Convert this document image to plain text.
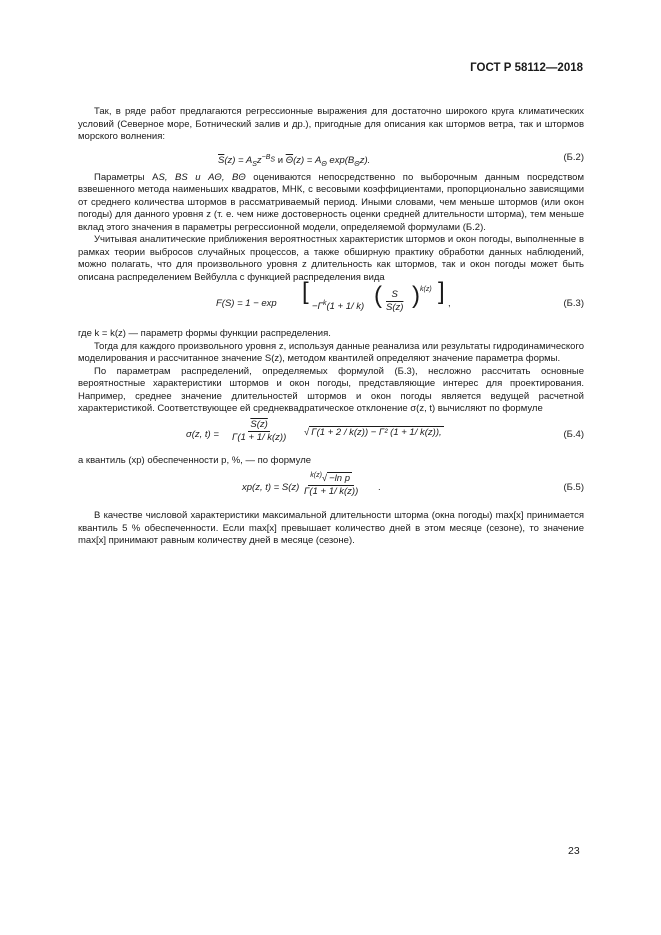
ГОСТ Р 58112—2018

Так, в ряде работ предлагаются регрессионные выражения для достаточно широкого круга климатических условий (Северное море, Ботнический залив и др.), пригодные для описания как штормов ветра, так и штормов морского волнения:

$\overline{S}(z) = A_Sz^{-B_S}$ и $\overline{\Theta}(z) = A_\Theta$ $\exp(B_\Theta z)$.	(Б.2)

Параметры AS, BS и AΘ, BΘ оцениваются непосредственно по выборочным данным посредством взвешенного метода наименьших квадратов, МНК, с весовыми коэффициентами, пропорционально зависящими от среднего количества штормов в рассматриваемый период. Иными словами, чем меньше штормов (или окон погоды) для данного уровня z (т. е. чем ниже достоверность оценки средней длительности шторма), тем меньше вклад этого значения в параметры регрессионной модели, определяемой формулами (Б.2).

Учитывая аналитические приближения вероятностных характеристик штормов и окон погоды, выполненные в рамках теории выбросов случайных процессов, а также обширную практику обработки данных наблюдений, можно полагать, что для произвольного уровня z длительность как штормов, так и окон погоды может быть описана распределением Вейбулла с функцией распределения вида

F(S) = 1 − exp [
$-\Gamma^k(1 + 1/$ k) ( $\frac{S}{S(z)}$ ) k(z) ] ,	(Б.3)

где k = k(z) — параметр формы функции распределения.

Тогда для каждого произвольного уровня z, используя данные реанализа или результаты гидродинамического моделирования и рассчитанное значение S(z), методом квантилей определяют значение параметра формы.

По параметрам распределений, определяемых формулой (Б.3), несложно рассчитать основные вероятностные характеристики штормов и окон погоды, представляющие интерес для проектирования. Например, среднее значение длительностей штормов и окон погоды является ведущей расчетной характеристикой. Соответствующее ей среднеквадратическое отклонение σ(z, t) вычисляют по формуле

σ(z, $t) = \frac{S(z)}{\Gamma(1 + 1/ k(z))}$ √ Γ(1 + 2 / k(z)) − Γ² (1 + 1/ k(z)),	(Б.4)

а квантиль (xp) обеспеченности p, %, — по формуле

xp(z, $t) = S(z) \frac{^{k(z)}√ -\ln p}{\Gamma(1 + 1/ k(z))}$ .	(Б.5)

В качестве числовой характеристики максимальной длительности шторма (окна погоды) max[x] принимается квантиль 5 % обеспеченности. Если max[x] превышает количество дней в этом месяце (сезоне), то значение max[x] принимают равным количеству дней в месяце (сезоне).

23
